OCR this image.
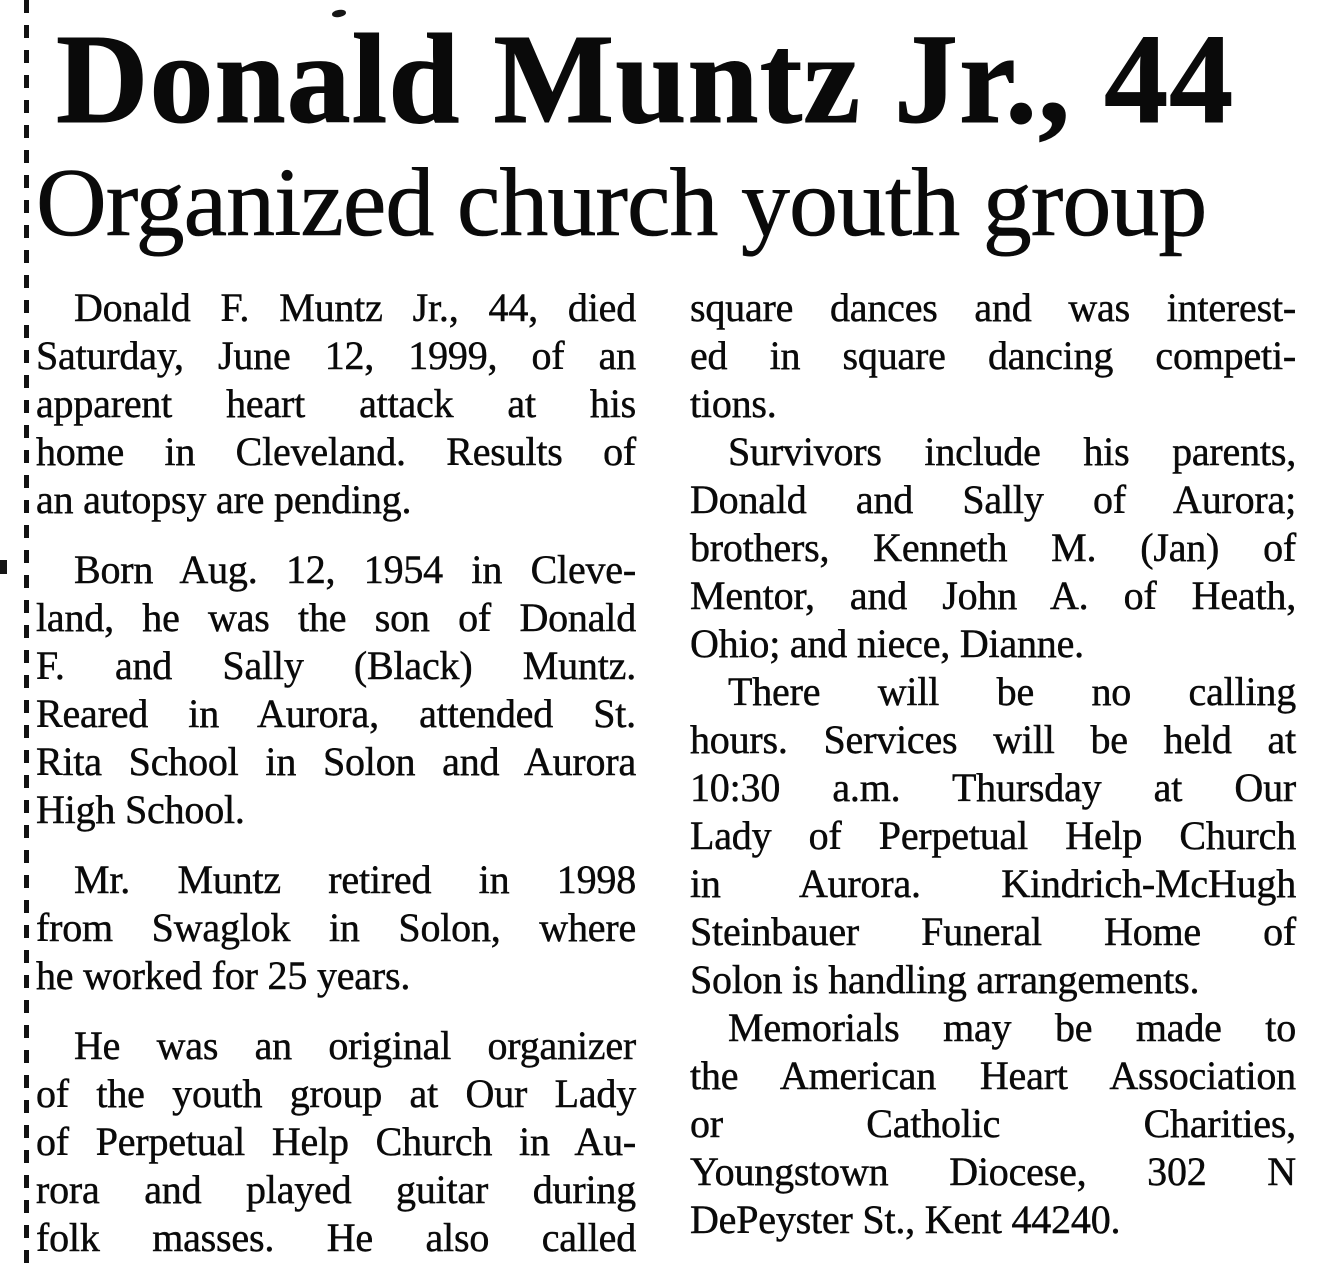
Donald Muntz Jr., 44
Organized church youth group
Donald F. Muntz Jr., 44, died
Saturday, June 12, 1999, of an
apparent heart attack at his
home in Cleveland. Results of
an autopsy are pending.
Born Aug. 12, 1954 in Cleve-
land, he was the son of Donald
F. and Sally (Black) Muntz.
Reared in Aurora, attended St.
Rita School in Solon and Aurora
High School.
Mr. Muntz retired in 1998
from Swaglok in Solon, where
he worked for 25 years.
He was an original organizer
of the youth group at Our Lady
of Perpetual Help Church in Au-
rora and played guitar during
folk masses. He also called
square dances and was interest-
ed in square dancing competi-
tions.
Survivors include his parents,
Donald and Sally of Aurora;
brothers, Kenneth M. (Jan) of
Mentor, and John A. of Heath,
Ohio; and niece, Dianne.
There will be no calling
hours. Services will be held at
10:30 a.m. Thursday at Our
Lady of Perpetual Help Church
in Aurora. Kindrich-McHugh
Steinbauer Funeral Home of
Solon is handling arrangements.
Memorials may be made to
the American Heart Association
or Catholic Charities,
Youngstown Diocese, 302 N
DePeyster St., Kent 44240.
